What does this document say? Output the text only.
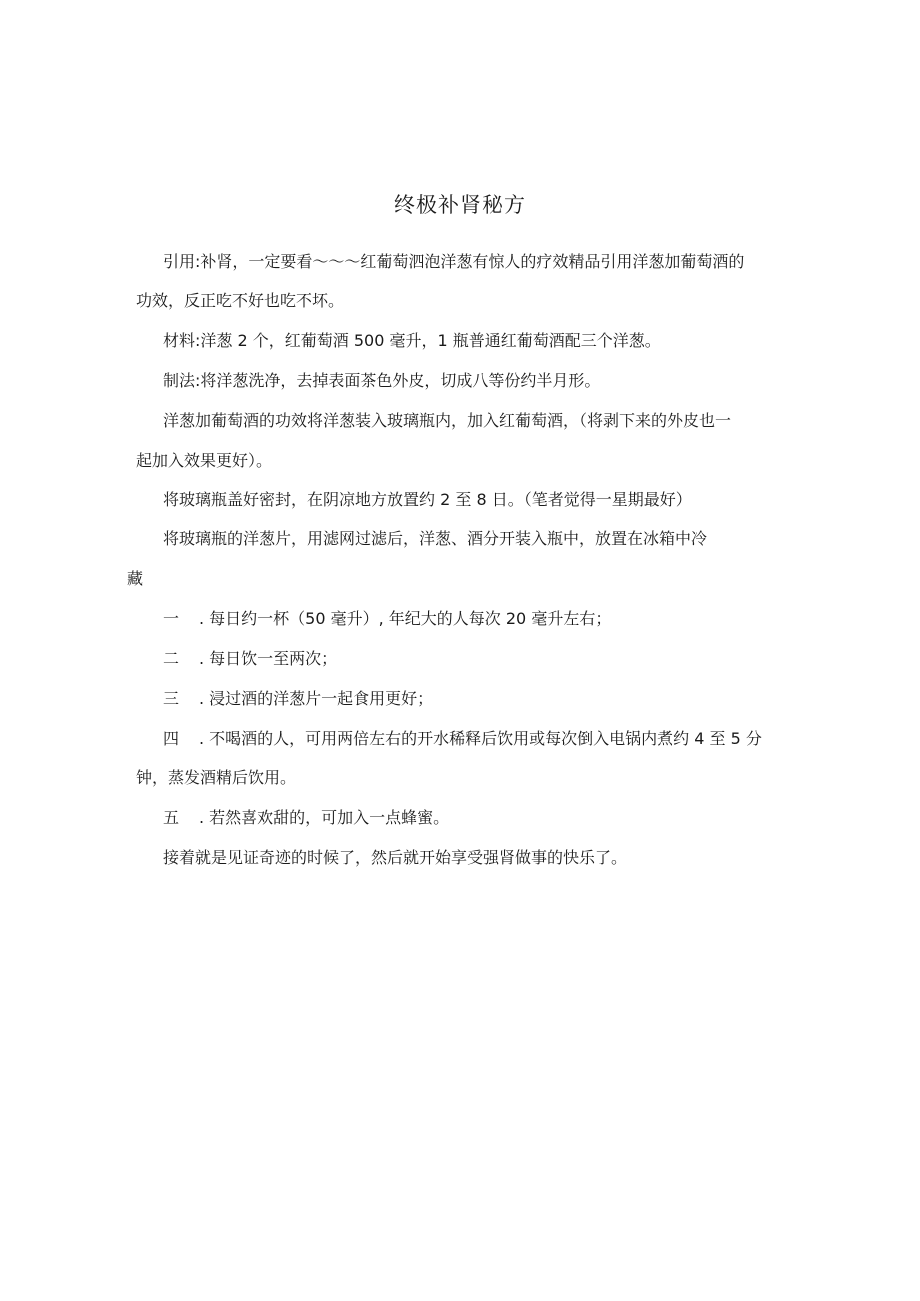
终极补肾秘方
引用:补肾，一定要看～～～红葡萄泗泡洋葱有惊人的疗效精品引用洋葱加葡萄酒的
功效，反正吃不好也吃不坏。
材料:洋葱 2 个，红葡萄酒 500 毫升，1 瓶普通红葡萄酒配三个洋葱。
制法:将洋葱洗净，去掉表面茶色外皮，切成八等份约半月形。
洋葱加葡萄酒的功效将洋葱装入玻璃瓶内，加入红葡萄酒，（将剥下来的外皮也一
起加入效果更好）。
将玻璃瓶盖好密封，在阴凉地方放置约 2 至 8 日。（笔者觉得一星期最好）
将玻璃瓶的洋葱片，用滤网过滤后，洋葱、酒分开装入瓶中，放置在冰箱中冷
藏
一 . 每日约一杯（50 毫升）, 年纪大的人每次 20 毫升左右；
二 . 每日饮一至两次；
三 . 浸过酒的洋葱片一起食用更好；
四 . 不喝酒的人，可用两倍左右的开水稀释后饮用或每次倒入电锅内煮约 4 至 5 分
钟，蒸发酒精后饮用。
五 . 若然喜欢甜的，可加入一点蜂蜜。
接着就是见证奇迹的时候了，然后就开始享受强肾做事的快乐了。
